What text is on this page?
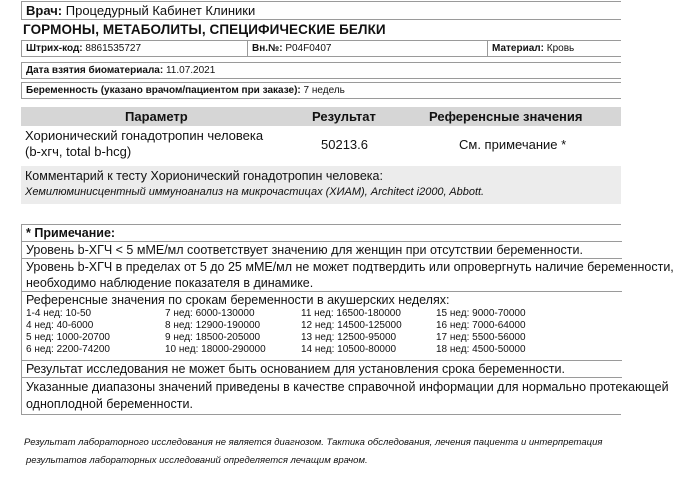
Врач: Процедурный Кабинет Клиники
ГОРМОНЫ, МЕТАБОЛИТЫ, СПЕЦИФИЧЕСКИЕ БЕЛКИ
Штрих-код: 8861535727	Вн.№: P04F0407	Материал: Кровь
Дата взятия биоматериала: 11.07.2021
Беременность (указано врачом/пациентом при заказе): 7 недель
Параметр	Результат	Референсные значения
Хорионический гонадотропин человека
(b-хгч, total b-hcg)	50213.6	См. примечание *
Комментарий к тесту Хорионический гонадотропин человека:
Хемилюминисцентный иммуноанализ на микрочастицах (ХИАМ), Architect i2000, Abbott.
* Примечание:
Уровень b-ХГЧ < 5 мМЕ/мл соответствует значению для женщин при отсутствии беременности.
Уровень b-ХГЧ в пределах от 5 до 25 мМЕ/мл не может подтвердить или опровергнуть наличие беременности,
необходимо наблюдение показателя в динамике.
Референсные значения по срокам беременности в акушерских неделях:
1-4 нед: 10-50	7 нед: 6000-130000	11 нед: 16500-180000	15 нед: 9000-70000
4 нед: 40-6000	8 нед: 12900-190000	12 нед: 14500-125000	16 нед: 7000-64000
5 нед: 1000-20700	9 нед: 18500-205000	13 нед: 12500-95000	17 нед: 5500-56000
6 нед: 2200-74200	10 нед: 18000-290000	14 нед: 10500-80000	18 нед: 4500-50000
Результат исследования не может быть основанием для установления срока беременности.
Указанные диапазоны значений приведены в качестве справочной информации для нормально протекающей
одноплодной беременности.
Результат лабораторного исследования не является диагнозом. Тактика обследования, лечения пациента и интерпретация
результатов лабораторных исследований определяется лечащим врачом.
